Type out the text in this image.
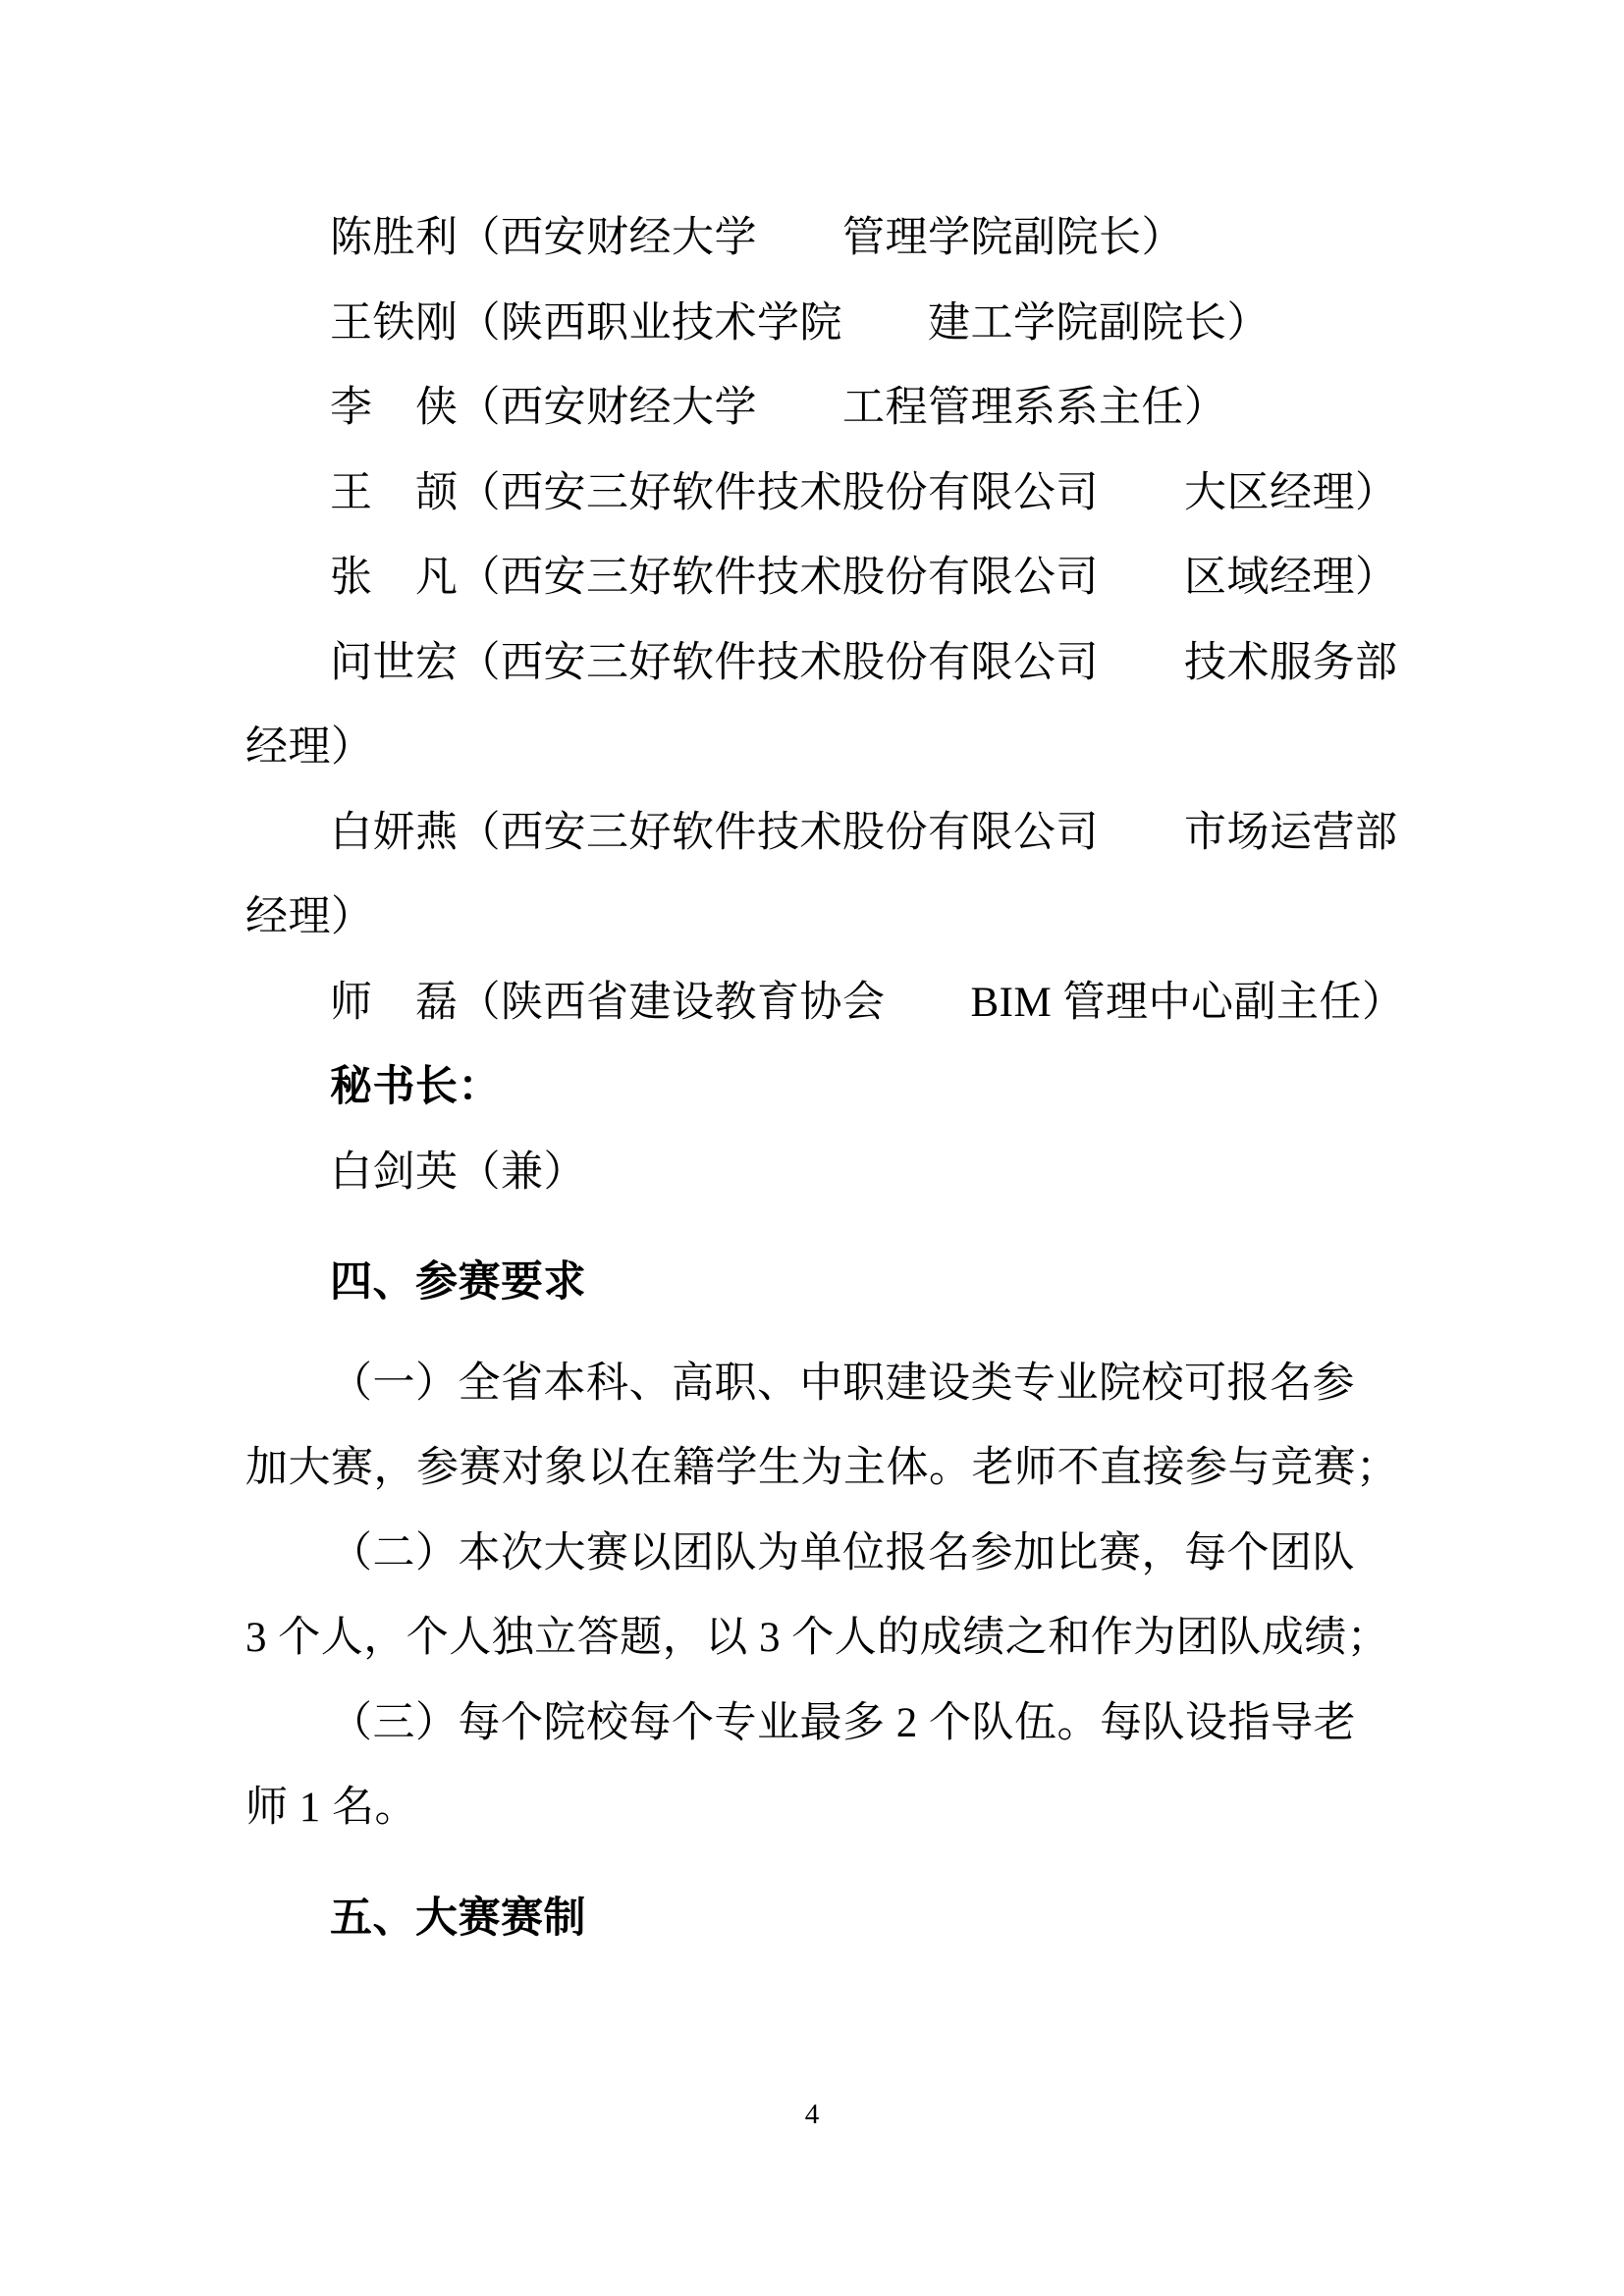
陈胜利（西安财经大学　　管理学院副院长）

王铁刚（陕西职业技术学院　　建工学院副院长）

李　侠（西安财经大学　　工程管理系系主任）

王　颉（西安三好软件技术股份有限公司　　大区经理）

张　凡（西安三好软件技术股份有限公司　　区域经理）

问世宏（西安三好软件技术股份有限公司　　技术服务部

经理）

白妍燕（西安三好软件技术股份有限公司　　市场运营部

经理）

师　磊（陕西省建设教育协会　　BIM 管理中心副主任）

秘书长：

白剑英（兼）

四、参赛要求

（一）全省本科、高职、中职建设类专业院校可报名参

加大赛，参赛对象以在籍学生为主体。老师不直接参与竞赛；

（二）本次大赛以团队为单位报名参加比赛，每个团队

3 个人，个人独立答题，以 3 个人的成绩之和作为团队成绩；

（三）每个院校每个专业最多 2 个队伍。每队设指导老

师 1 名。

五、大赛赛制

4
